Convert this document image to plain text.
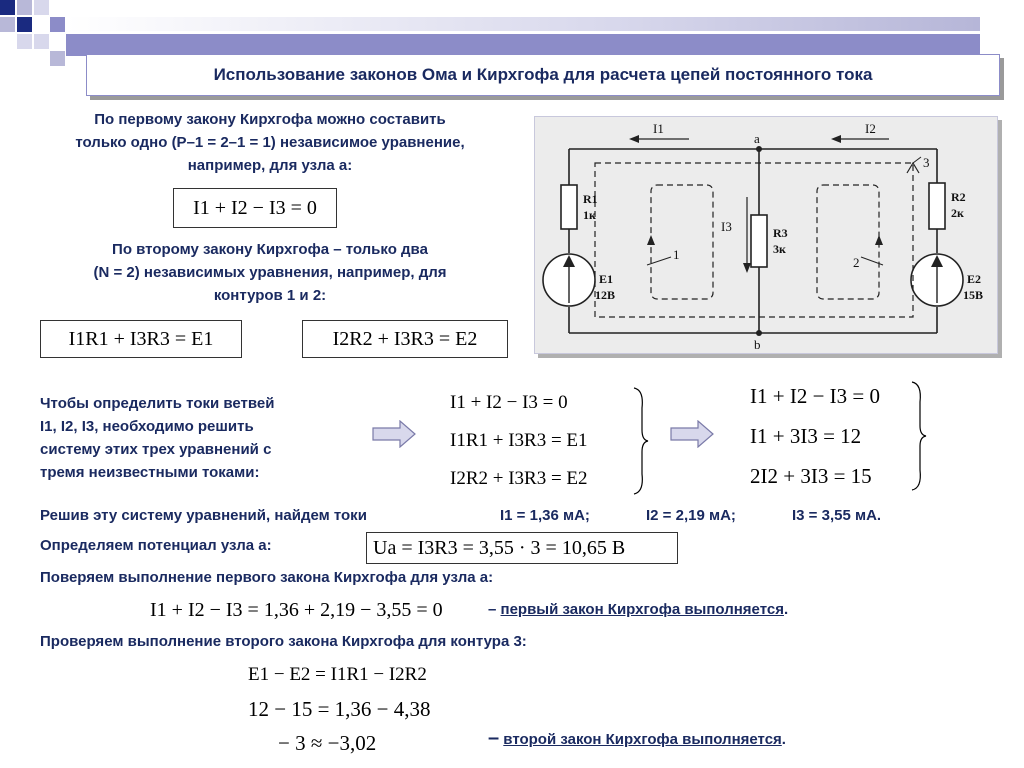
Использование законов Ома и Кирхгофа для расчета цепей постоянного тока
По первому закону Кирхгофа можно составить
только одно (P–1 = 2–1 = 1) независимое уравнение,
например, для узла а:
I1 + I2 − I3 = 0
По второму закону Кирхгофа – только два
(N = 2) независимых уравнения, например, для
контуров 1 и 2:
I1R1 + I3R3 = E1	I2R2 + I3R3 = E2
I1	I2
I3
a
b
1
2
3
R1
1к
R2
2к
R3
3к
E1
12В
E2
15В
Чтобы определить токи ветвей
I1, I2, I3, необходимо решить
систему этих трех уравнений с
тремя неизвестными токами:
I1 + I2 − I3 = 0
I1R1 + I3R3 = E1
I2R2 + I3R3 = E2
I1 + I2 − I3 = 0
I1 + 3I3 = 12
2I2 + 3I3 = 15
Решив эту систему уравнений, найдем токи	I1 = 1,36 мА;	I2 = 2,19 мА;	I3 = 3,55 мА.
Определяем потенциал узла а:	Ua = I3R3 = 3,55 · 3 = 10,65 B
Поверяем выполнение первого закона Кирхгофа для узла а:
I1 + I2 − I3 = 1,36 + 2,19 − 3,55 = 0	– первый закон Кирхгофа выполняется.
Проверяем выполнение второго закона Кирхгофа для контура 3:
E1 − E2 = I1R1 − I2R2
12 − 15 = 1,36 − 4,38
− 3 ≈ −3,02	– второй закон Кирхгофа выполняется.
